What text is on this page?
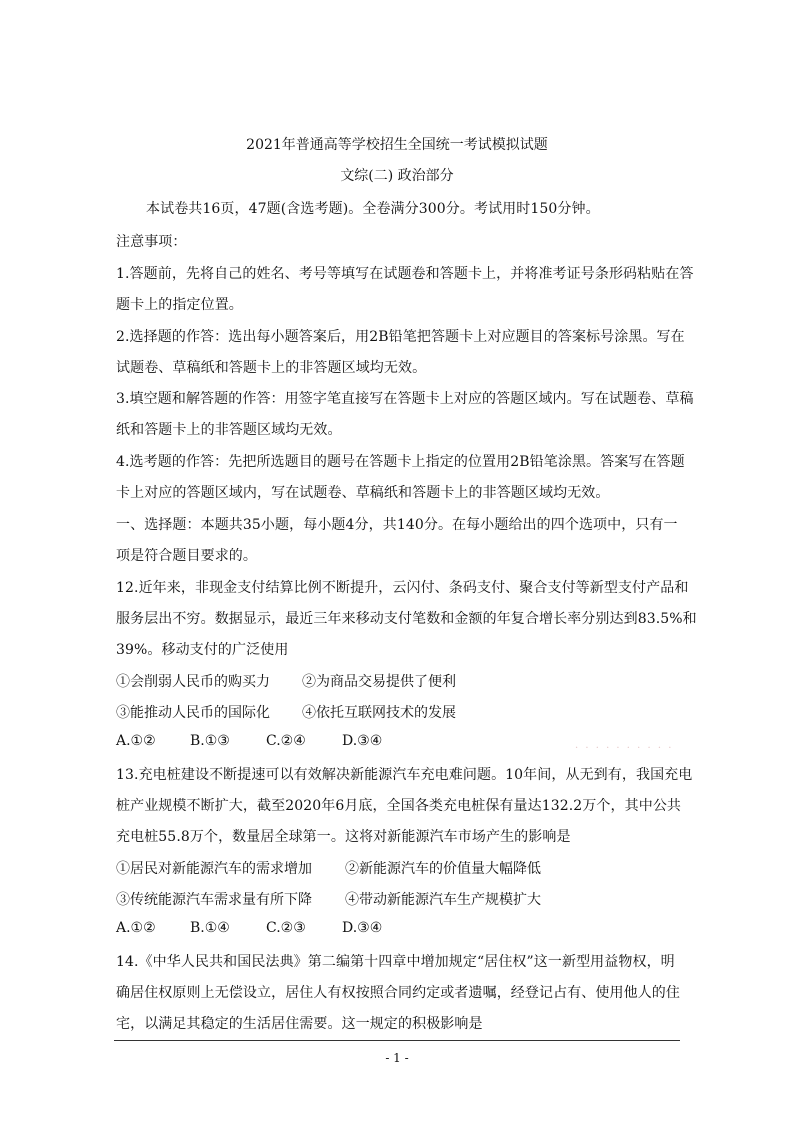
2021年普通高等学校招生全国统一考试模拟试题
文综(二) 政治部分
本试卷共16页，47题(含选考题)。全卷满分300分。考试用时150分钟。
注意事项：
1.答题前，先将自己的姓名、考号等填写在试题卷和答题卡上，并将准考证号条形码粘贴在答
题卡上的指定位置。
2.选择题的作答：选出每小题答案后，用2B铅笔把答题卡上对应题目的答案标号涂黑。写在
试题卷、草稿纸和答题卡上的非答题区域均无效。
3.填空题和解答题的作答：用签字笔直接写在答题卡上对应的答题区域内。写在试题卷、草稿
纸和答题卡上的非答题区域均无效。
4.选考题的作答：先把所选题目的题号在答题卡上指定的位置用2B铅笔涂黑。答案写在答题
卡上对应的答题区域内，写在试题卷、草稿纸和答题卡上的非答题区域均无效。
一、选择题：本题共35小题，每小题4分，共140分。在每小题给出的四个选项中，只有一
项是符合题目要求的。
12.近年来，非现金支付结算比例不断提升，云闪付、条码支付、聚合支付等新型支付产品和
服务层出不穷。数据显示，最近三年来移动支付笔数和金额的年复合增长率分别达到83.5%和
39%。移动支付的广泛使用
①会削弱人民币的购买力 ②为商品交易提供了便利
③能推动人民币的国际化 ④依托互联网技术的发展
A.①② B.①③	C.②④	D.③④	· · · · · · · · · ·
13.充电桩建设不断提速可以有效解决新能源汽车充电难问题。10年间，从无到有，我国充电
桩产业规模不断扩大，截至2020年6月底，全国各类充电桩保有量达132.2万个，其中公共
充电桩55.8万个，数量居全球第一。这将对新能源汽车市场产生的影响是
①居民对新能源汽车的需求增加 ②新能源汽车的价值量大幅降低
③传统能源汽车需求量有所下降 ④带动新能源汽车生产规模扩大
A.①② B.①④	C.②③	D.③④
14.《中华人民共和国民法典》第二编第十四章中增加规定“居住权”这一新型用益物权，明
确居住权原则上无偿设立，居住人有权按照合同约定或者遗嘱，经登记占有、使用他人的住
宅，以满足其稳定的生活居住需要。这一规定的积极影响是
- 1 -
